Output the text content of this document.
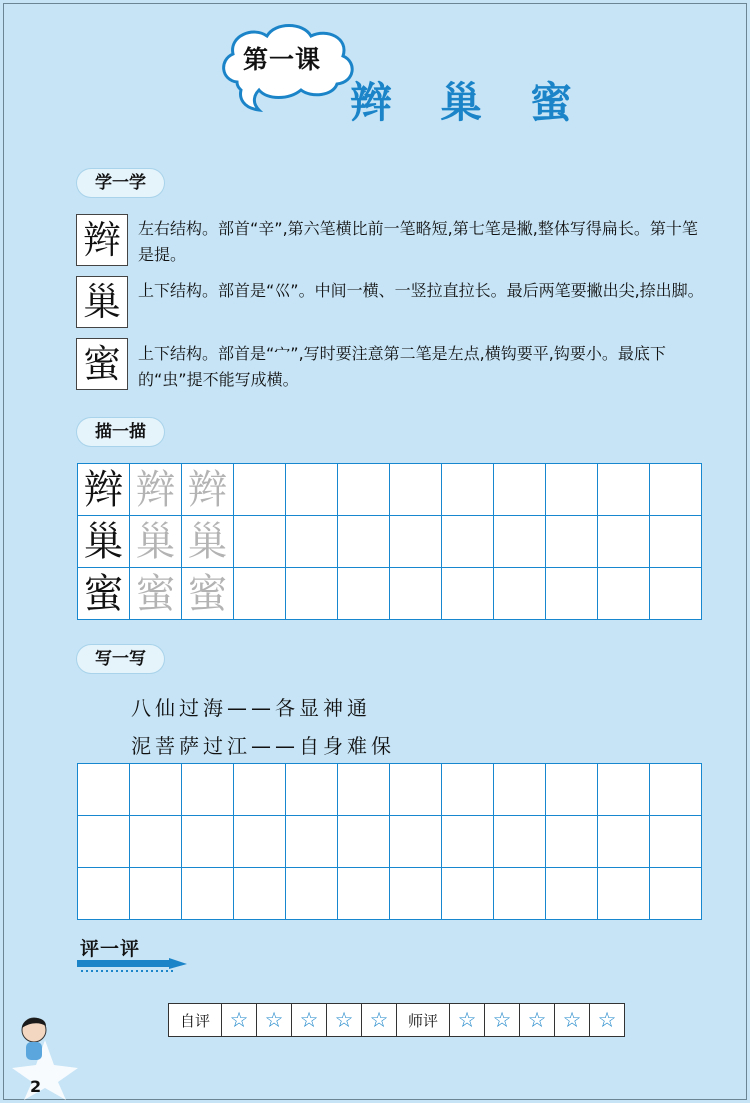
第一课
辫 巢 蜜
学一学
辫	左右结构。部首“辛”,第六笔横比前一笔略短,第七笔是撇,整体写得扁长。第十笔是提。
巢	上下结构。部首是“巛”。中间一横、一竖拉直拉长。最后两笔要撇出尖,捺出脚。
蜜	上下结构。部首是“宀”,写时要注意第二笔是左点,横钩要平,钩要小。最底下的“虫”提不能写成横。
描一描
辫	辫	辫									
巢	巢	巢									
蜜	蜜	蜜									
写一写
八仙过海——各显神通
泥菩萨过江——自身难保

评一评
自评	☆	☆	☆	☆	☆	师评	☆	☆	☆	☆	☆
2
